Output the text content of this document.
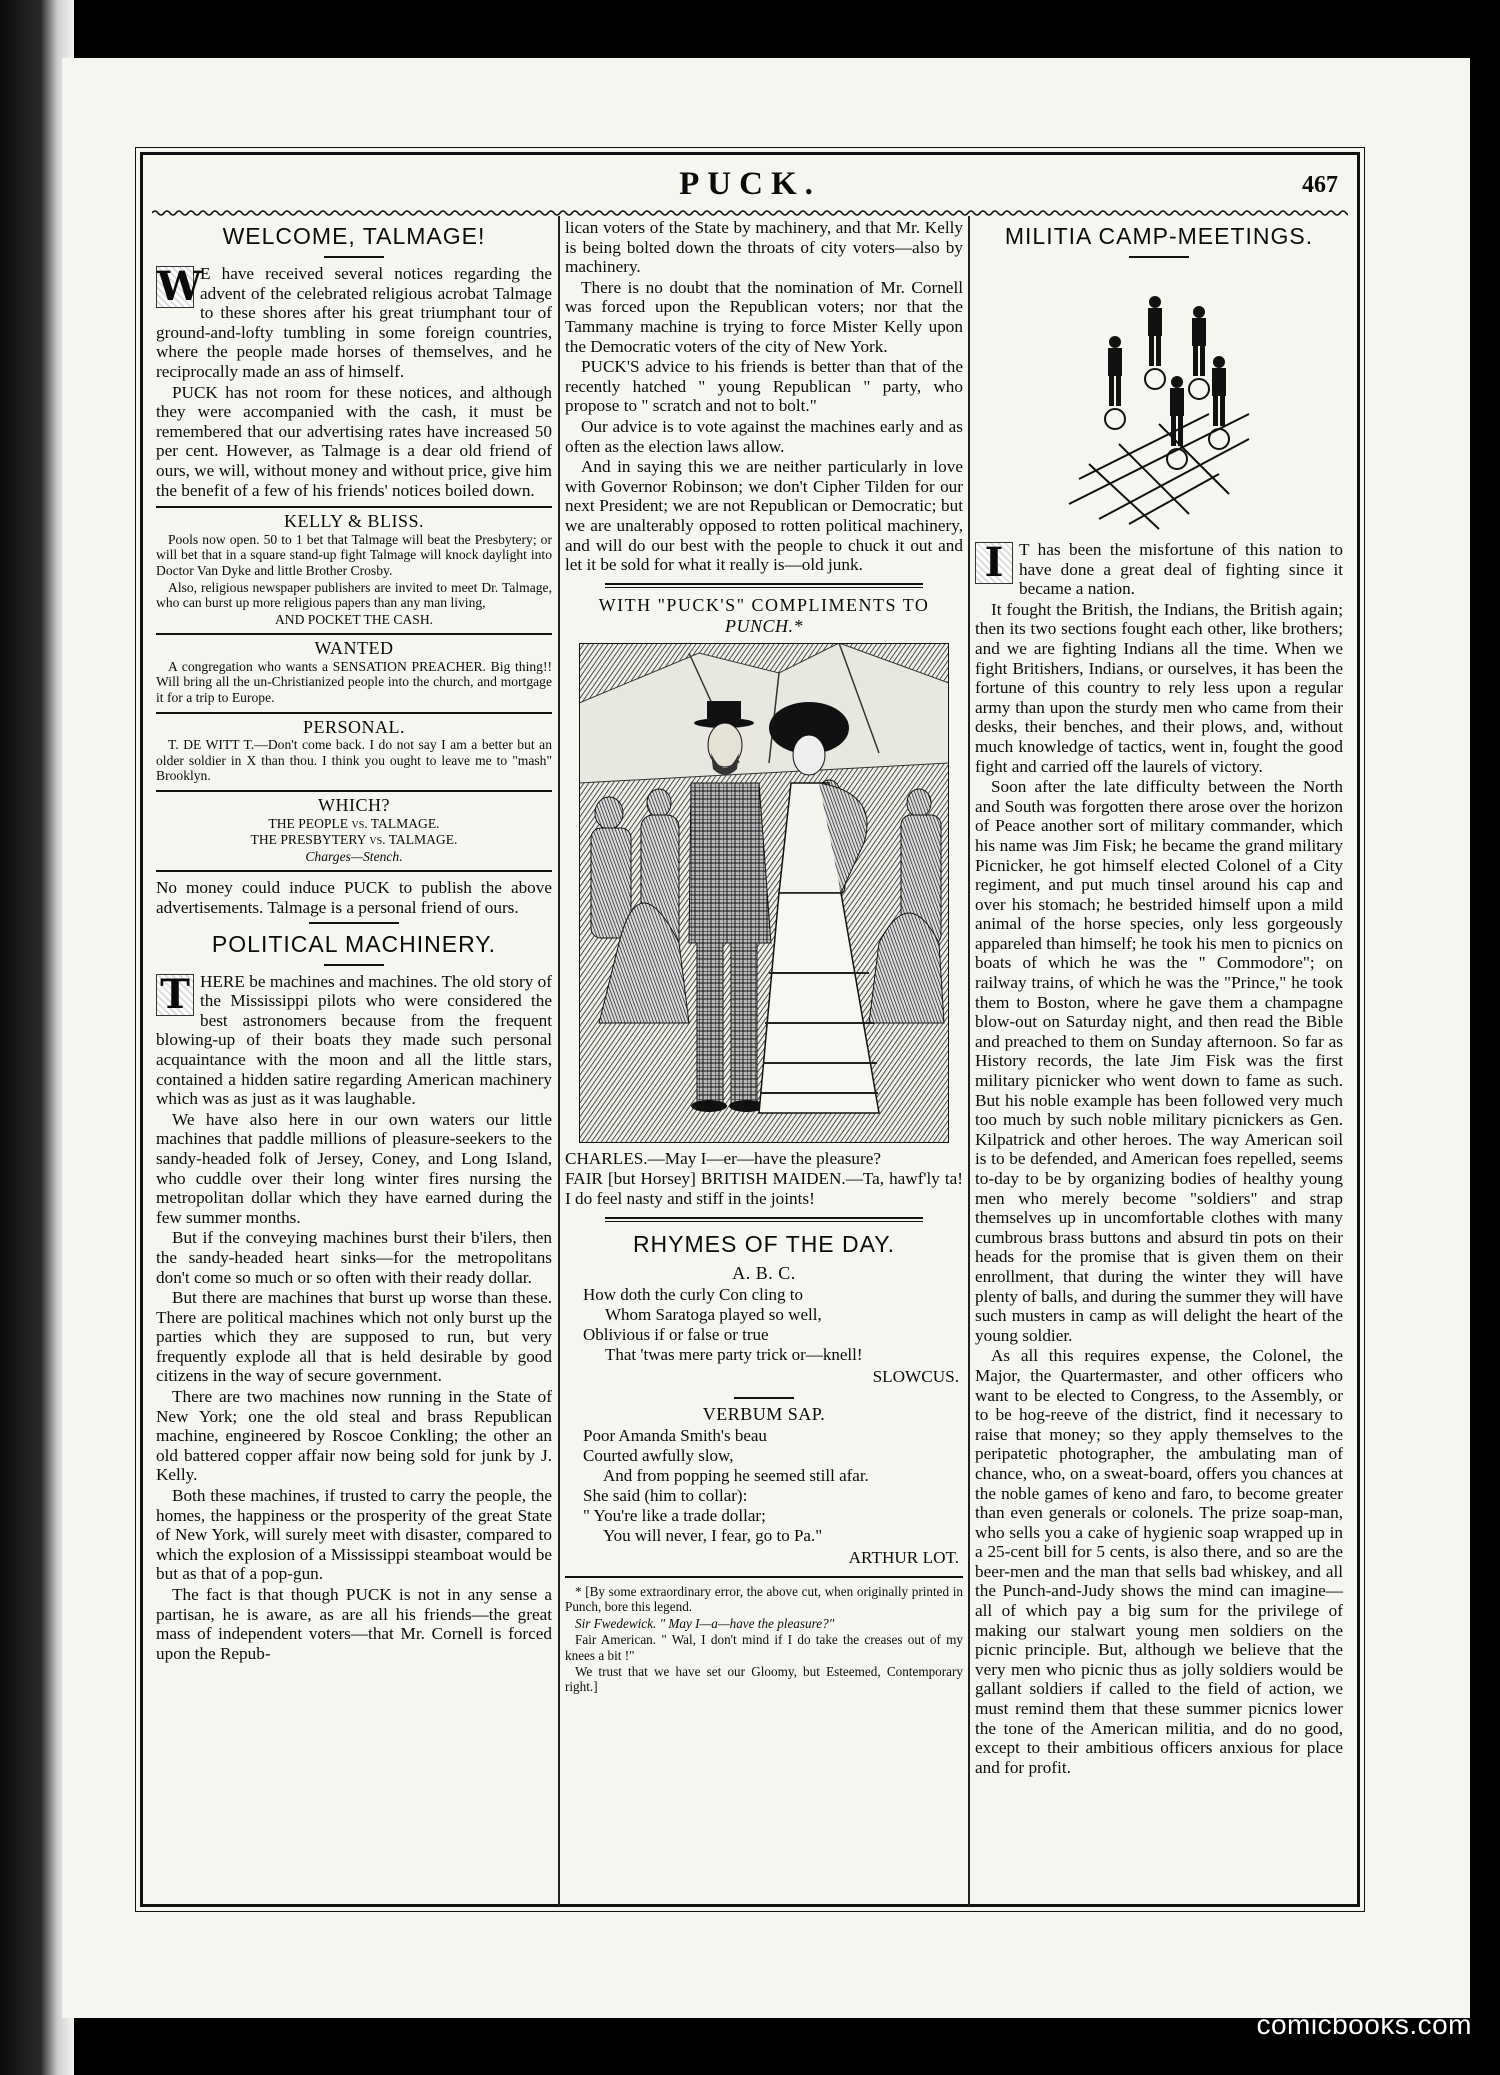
PUCK.	467
WELCOME, TALMAGE!

W
E have received several notices regarding the advent of the celebrated religious acrobat Talmage to these shores after his great triumphant tour of ground-and-lofty tumbling in some foreign countries, where the people made horses of themselves, and he reciprocally made an ass of himself.

PUCK has not room for these notices, and although they were accompanied with the cash, it must be remembered that our advertising rates have increased 50 per cent. However, as Talmage is a dear old friend of ours, we will, without money and without price, give him the benefit of a few of his friends' notices boiled down.

KELLY & BLISS.

Pools now open. 50 to 1 bet that Talmage will beat the Presbytery; or will bet that in a square stand-up fight Talmage will knock daylight into Doctor Van Dyke and little Brother Crosby.

Also, religious newspaper publishers are invited to meet Dr. Talmage, who can burst up more religious papers than any man living,

AND POCKET THE CASH.

WANTED

A congregation who wants a SENSATION PREACHER. Big thing!! Will bring all the un-Christianized people into the church, and mortgage it for a trip to Europe.

PERSONAL.

T. DE WITT T.—Don't come back. I do not say I am a better but an older soldier in X than thou. I think you ought to leave me to "mash" Brooklyn.

WHICH?

THE PEOPLE vs. TALMAGE.

THE PRESBYTERY vs. TALMAGE.

Charges—Stench.

No money could induce PUCK to publish the above advertisements. Talmage is a personal friend of ours.

POLITICAL MACHINERY.

T HERE be machines and machines. The old story of the Mississippi pilots who were considered the best astronomers because from the frequent blowing-up of their boats they made such personal acquaintance with the moon and all the little stars, contained a hidden satire regarding American machinery which was as just as it was laughable.

We have also here in our own waters our little machines that paddle millions of pleasure-seekers to the sandy-headed folk of Jersey, Coney, and Long Island, who cuddle over their long winter fires nursing the metropolitan dollar which they have earned during the few summer months.

But if the conveying machines burst their b'ilers, then the sandy-headed heart sinks—for the metropolitans don't come so much or so often with their ready dollar.

But there are machines that burst up worse than these. There are political machines which not only burst up the parties which they are supposed to run, but very frequently explode all that is held desirable by good citizens in the way of secure government.

There are two machines now running in the State of New York; one the old steal and brass Republican machine, engineered by Roscoe Conkling; the other an old battered copper affair now being sold for junk by J. Kelly.

Both these machines, if trusted to carry the people, the homes, the happiness or the prosperity of the great State of New York, will surely meet with disaster, compared to which the explosion of a Mississippi steamboat would be but as that of a pop-gun.

The fact is that though PUCK is not in any sense a partisan, he is aware, as are all his friends—the great mass of independent voters—that Mr. Cornell is forced upon the Repub-

lican voters of the State by machinery, and that Mr. Kelly is being bolted down the throats of city voters—also by machinery.

There is no doubt that the nomination of Mr. Cornell was forced upon the Republican voters; nor that the Tammany machine is trying to force Mister Kelly upon the Democratic voters of the city of New York.

PUCK'S advice to his friends is better than that of the recently hatched " young Republican " party, who propose to " scratch and not to bolt."

Our advice is to vote against the machines early and as often as the election laws allow.

And in saying this we are neither particularly in love with Governor Robinson; we don't Cipher Tilden for our next President; we are not Republican or Democratic; but we are unalterably opposed to rotten political machinery, and will do our best with the people to chuck it out and let it be sold for what it really is—old junk.

WITH "PUCK'S" COMPLIMENTS TO
PUNCH.*

CHARLES.—May I—er—have the pleasure?

FAIR [but Horsey] BRITISH MAIDEN.—Ta, hawf'ly ta! I do feel nasty and stiff in the joints!

RHYMES OF THE DAY.
A. B. C.
How doth the curly Con cling to
Whom Saratoga played so well,
Oblivious if or false or true
That 'twas mere party trick or—knell!
SLOWCUS.
VERBUM SAP.
Poor Amanda Smith's beau
Courted awfully slow,
And from popping he seemed still afar.
She said (him to collar):
" You're like a trade dollar;
You will never, I fear, go to Pa."
ARTHUR LOT.

* [By some extraordinary error, the above cut, when originally printed in Punch, bore this legend.

Sir Fwedewick. " May I—a—have the pleasure?"

Fair American. " Wal, I don't mind if I do take the creases out of my knees a bit !"

We trust that we have set our Gloomy, but Esteemed, Contemporary right.]

MILITIA CAMP-MEETINGS.

I T has been the misfortune of this nation to have done a great deal of fighting since it became a nation.

It fought the British, the Indians, the British again; then its two sections fought each other, like brothers; and we are fighting Indians all the time. When we fight Britishers, Indians, or ourselves, it has been the fortune of this country to rely less upon a regular army than upon the sturdy men who came from their desks, their benches, and their plows, and, without much knowledge of tactics, went in, fought the good fight and carried off the laurels of victory.

Soon after the late difficulty between the North and South was forgotten there arose over the horizon of Peace another sort of military commander, which his name was Jim Fisk; he became the grand military Picnicker, he got himself elected Colonel of a City regiment, and put much tinsel around his cap and over his stomach; he bestrided himself upon a mild animal of the horse species, only less gorgeously appareled than himself; he took his men to picnics on boats of which he was the " Commodore"; on railway trains, of which he was the "Prince," he took them to Boston, where he gave them a champagne blow-out on Saturday night, and then read the Bible and preached to them on Sunday afternoon. So far as History records, the late Jim Fisk was the first military picnicker who went down to fame as such. But his noble example has been followed very much too much by such noble military picnickers as Gen. Kilpatrick and other heroes. The way American soil is to be defended, and American foes repelled, seems to-day to be by organizing bodies of healthy young men who merely become "soldiers" and strap themselves up in uncomfortable clothes with many cumbrous brass buttons and absurd tin pots on their heads for the promise that is given them on their enrollment, that during the winter they will have plenty of balls, and during the summer they will have such musters in camp as will delight the heart of the young soldier.

As all this requires expense, the Colonel, the Major, the Quartermaster, and other officers who want to be elected to Congress, to the Assembly, or to be hog-reeve of the district, find it necessary to raise that money; so they apply themselves to the peripatetic photographer, the ambulating man of chance, who, on a sweat-board, offers you chances at the noble games of keno and faro, to become greater than even generals or colonels. The prize soap-man, who sells you a cake of hygienic soap wrapped up in a 25-cent bill for 5 cents, is also there, and so are the beer-men and the man that sells bad whiskey, and all the Punch-and-Judy shows the mind can imagine—all of which pay a big sum for the privilege of making our stalwart young men soldiers on the picnic principle. But, although we believe that the very men who picnic thus as jolly soldiers would be gallant soldiers if called to the field of action, we must remind them that these summer picnics lower the tone of the American militia, and do no good, except to their ambitious officers anxious for place and for profit.

comicbooks.com
